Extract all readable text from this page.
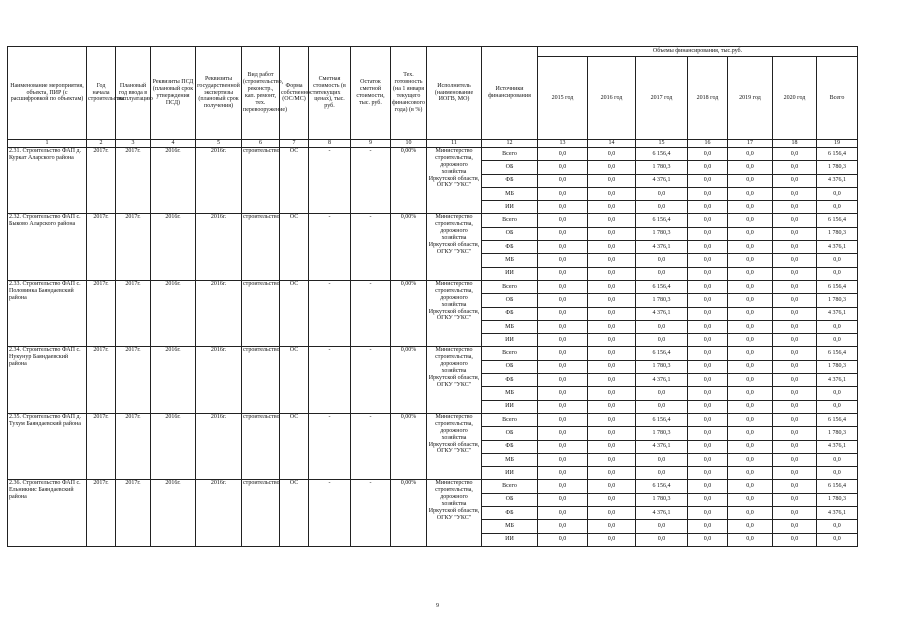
Наименование мероприятия, объекта, ПИР (с расшифровкой по объектам)	Год начала строительства	Плановый год ввода в эксплуатацию	Реквизиты ПСД (плановый срок утверждения ПСД)	Реквизиты государственной экспертизы (плановый срок получения)	Вид работ (строительство, реконстр., кап. ремонт, тех. перевооружение)	Форма собственности (ОС/МС)	Сметная стоимость (в текущих ценах), тыс. руб.	Остаток сметной стоимости, тыс. руб.	Тех. готовность (на 1 января текущего финансового года) (в %)	Исполнитель (наименование ИОГВ, МО)	Источники финансирования	Объемы финансирования, тыс.руб.						
												2015 год	2016 год	2017 год	2018 год	2019 год	2020 год	Всего
1	2	3	4	5	6	7	8	9	10	11	12	13	14	15	16	17	18	19
2.31. Строительство ФАП д. Куркат Аларского района	2017г.	2017г.	2016г.	2016г.	строительство	ОС	-	-	0,00%	Министерство строительства, дорожного хозяйства Иркутской области, ОГКУ "УКС"	Всего	0,0	0,0	6 156,4	0,0	0,0	0,0	6 156,4
											ОБ	0,0	0,0	1 780,3	0,0	0,0	0,0	1 780,3
											ФБ	0,0	0,0	4 376,1	0,0	0,0	0,0	4 376,1
											МБ	0,0	0,0	0,0	0,0	0,0	0,0	0,0
											ИИ	0,0	0,0	0,0	0,0	0,0	0,0	0,0
2.32. Строительство ФАП с. Быково Аларского района	2017г.	2017г.	2016г.	2016г.	строительство	ОС	-	-	0,00%	Министерство строительства, дорожного хозяйства Иркутской области, ОГКУ "УКС"	Всего	0,0	0,0	6 156,4	0,0	0,0	0,0	6 156,4
											ОБ	0,0	0,0	1 780,3	0,0	0,0	0,0	1 780,3
											ФБ	0,0	0,0	4 376,1	0,0	0,0	0,0	4 376,1
											МБ	0,0	0,0	0,0	0,0	0,0	0,0	0,0
											ИИ	0,0	0,0	0,0	0,0	0,0	0,0	0,0
2.33. Строительство ФАП с. Половинка Баяндаевский района	2017г.	2017г.	2016г.	2016г.	строительство	ОС	-	-	0,00%	Министерство строительства, дорожного хозяйства Иркутской области, ОГКУ "УКС"	Всего	0,0	0,0	6 156,4	0,0	0,0	0,0	6 156,4
											ОБ	0,0	0,0	1 780,3	0,0	0,0	0,0	1 780,3
											ФБ	0,0	0,0	4 376,1	0,0	0,0	0,0	4 376,1
											МБ	0,0	0,0	0,0	0,0	0,0	0,0	0,0
											ИИ	0,0	0,0	0,0	0,0	0,0	0,0	0,0
2.34. Строительство ФАП с. Нукунур Баяндаевский района	2017г.	2017г.	2016г.	2016г.	строительство	ОС	-	-	0,00%	Министерство строительства, дорожного хозяйства Иркутской области, ОГКУ "УКС"	Всего	0,0	0,0	6 156,4	0,0	0,0	0,0	6 156,4
											ОБ	0,0	0,0	1 780,3	0,0	0,0	0,0	1 780,3
											ФБ	0,0	0,0	4 376,1	0,0	0,0	0,0	4 376,1
											МБ	0,0	0,0	0,0	0,0	0,0	0,0	0,0
											ИИ	0,0	0,0	0,0	0,0	0,0	0,0	0,0
2.35. Строительство ФАП д. Тухум Баяндаевский района	2017г.	2017г.	2016г.	2016г.	строительство	ОС	-	-	0,00%	Министерство строительства, дорожного хозяйства Иркутской области, ОГКУ "УКС"	Всего	0,0	0,0	6 156,4	0,0	0,0	0,0	6 156,4
											ОБ	0,0	0,0	1 780,3	0,0	0,0	0,0	1 780,3
											ФБ	0,0	0,0	4 376,1	0,0	0,0	0,0	4 376,1
											МБ	0,0	0,0	0,0	0,0	0,0	0,0	0,0
											ИИ	0,0	0,0	0,0	0,0	0,0	0,0	0,0
2.36. Строительство ФАП с. Ельникнис Баяндаевский района	2017г.	2017г.	2016г.	2016г.	строительство	ОС	-	-	0,00%	Министерство строительства, дорожного хозяйства Иркутской области, ОГКУ "УКС"	Всего	0,0	0,0	6 156,4	0,0	0,0	0,0	6 156,4
											ОБ	0,0	0,0	1 780,3	0,0	0,0	0,0	1 780,3
											ФБ	0,0	0,0	4 376,1	0,0	0,0	0,0	4 376,1
											МБ	0,0	0,0	0,0	0,0	0,0	0,0	0,0
											ИИ	0,0	0,0	0,0	0,0	0,0	0,0	0,0
9
